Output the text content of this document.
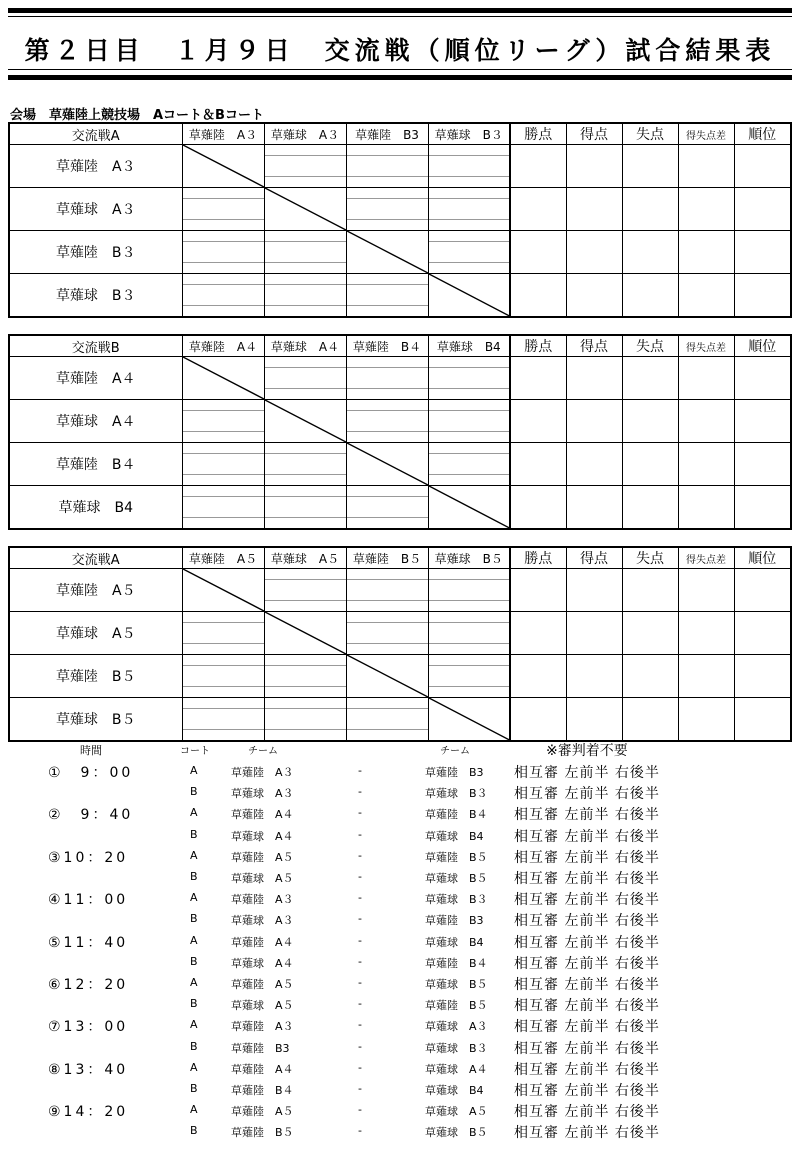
第２日目　１月９日　交流戦（順位リーグ）試合結果表
会場　草薙陸上競技場　Aコート＆Bコート
交流戦A	草薙陸　A３	草薙球　A３	草薙陸　B3	草薙球　B３	勝点	得点	失点	得失点差	順位
草薙陸　A３	

草薙球　A３	

草薙陸　B３	

草薙球　B３	

交流戦B	草薙陸　A４	草薙球　A４	草薙陸　B４	草薙球　B4	勝点	得点	失点	得失点差	順位
草薙陸　A４	

草薙球　A４	

草薙陸　B４	

草薙球　B4	

交流戦A	草薙陸　A５	草薙球　A５	草薙陸　B５	草薙球　B５	勝点	得点	失点	得失点差	順位
草薙陸　A５	

草薙球　A５	

草薙陸　B５	

草薙球　B５	

時間	コート	チーム	チーム	※審判着不要
①　9：00	A	草薙陸　A３	-	草薙陸　B3 相互審 左前半 右後半
B	草薙球　A３	-	草薙球　B３ 相互審 左前半 右後半
②　9：40	A	草薙陸　A４	-	草薙陸　B４ 相互審 左前半 右後半
B	草薙球　A４	-	草薙球　B4 相互審 左前半 右後半
③10：20	A	草薙陸　A５	-	草薙陸　B５ 相互審 左前半 右後半
B	草薙球　A５	-	草薙球　B５ 相互審 左前半 右後半
④11：00	A	草薙陸　A３	-	草薙球　B３ 相互審 左前半 右後半
B	草薙球　A３	-	草薙陸　B3 相互審 左前半 右後半
⑤11：40	A	草薙陸　A４	-	草薙球　B4 相互審 左前半 右後半
B	草薙球　A４	-	草薙陸　B４ 相互審 左前半 右後半
⑥12：20	A	草薙陸　A５	-	草薙球　B５ 相互審 左前半 右後半
B	草薙球　A５	-	草薙陸　B５ 相互審 左前半 右後半
⑦13：00	A	草薙陸　A３	-	草薙球　A３ 相互審 左前半 右後半
B	草薙陸　B3	-	草薙球　B３ 相互審 左前半 右後半
⑧13：40	A	草薙陸　A４	-	草薙球　A４ 相互審 左前半 右後半
B	草薙陸　B４	-	草薙球　B4 相互審 左前半 右後半
⑨14：20	A	草薙陸　A５	-	草薙球　A５ 相互審 左前半 右後半
B	草薙陸　B５	-	草薙球　B５ 相互審 左前半 右後半
